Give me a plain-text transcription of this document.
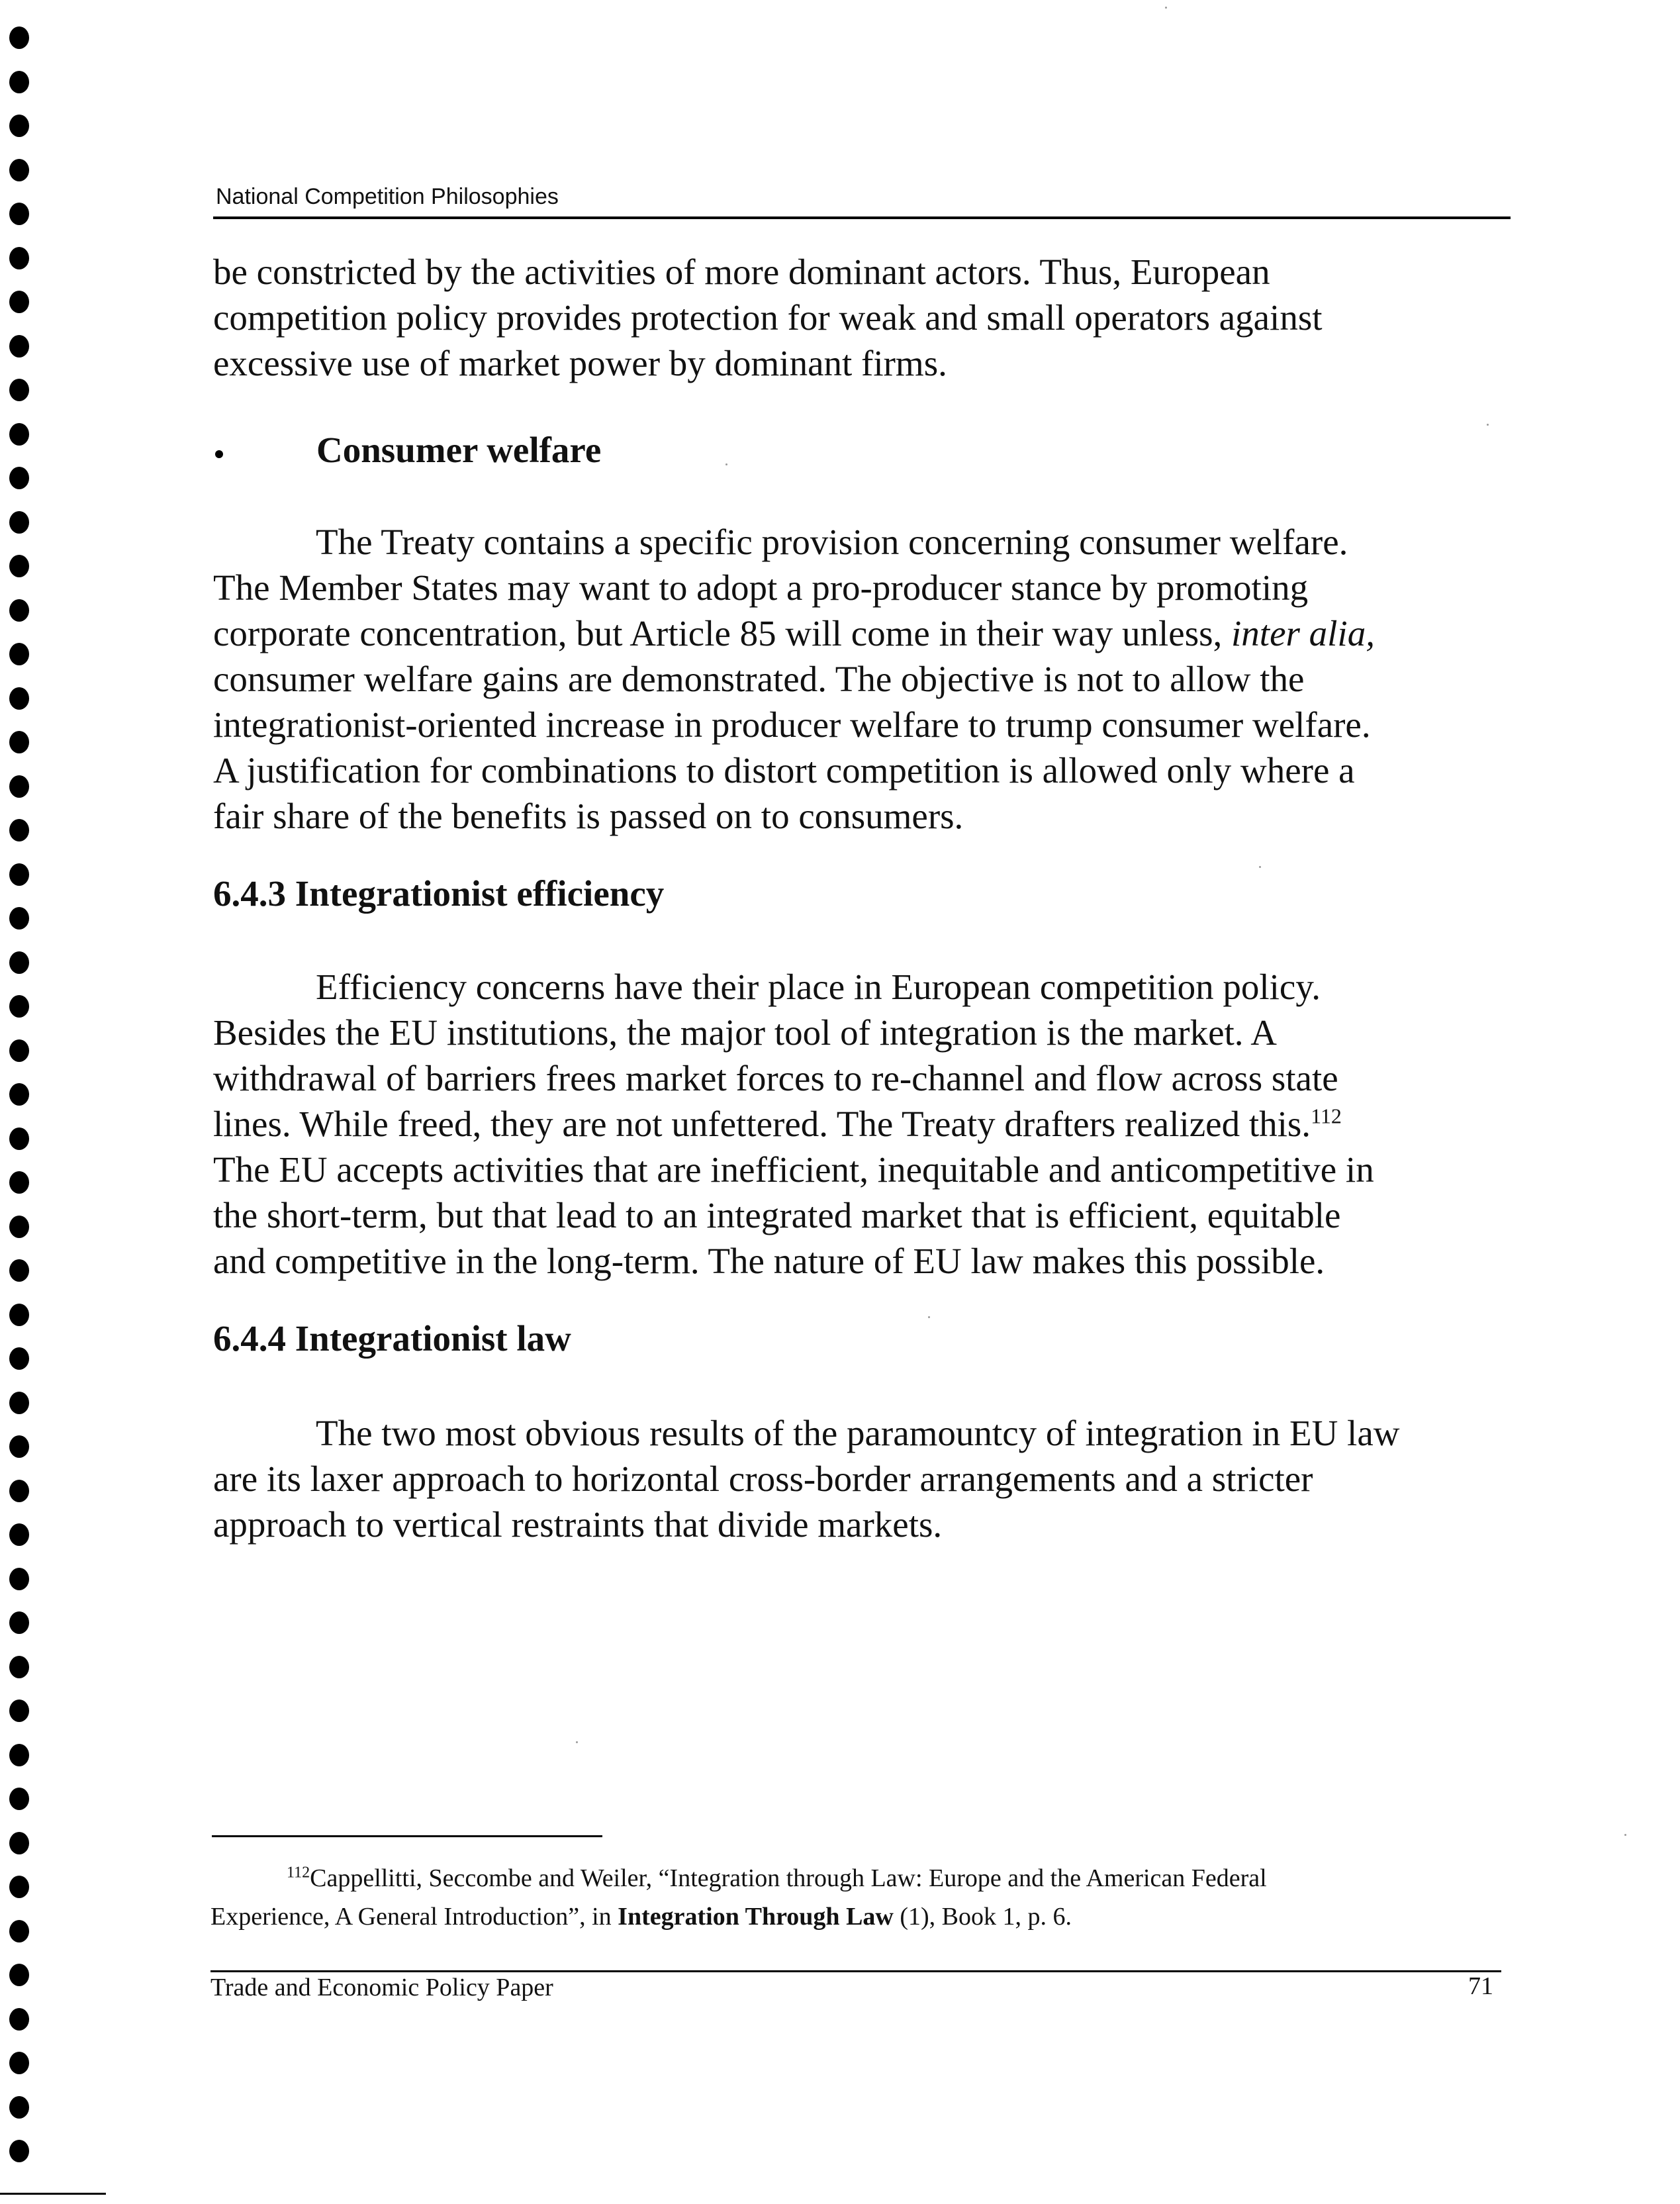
National Competition Philosophies
be constricted by the activities of more dominant actors. Thus, European
competition policy provides protection for weak and small operators against
excessive use of market power by dominant firms.
Consumer welfare
The Treaty contains a specific provision concerning consumer welfare.
The Member States may want to adopt a pro-producer stance by promoting
corporate concentration, but Article 85 will come in their way unless, inter alia,
consumer welfare gains are demonstrated. The objective is not to allow the
integrationist-oriented increase in producer welfare to trump consumer welfare.
A justification for combinations to distort competition is allowed only where a
fair share of the benefits is passed on to consumers.
6.4.3 Integrationist efficiency
Efficiency concerns have their place in European competition policy.
Besides the EU institutions, the major tool of integration is the market. A
withdrawal of barriers frees market forces to re-channel and flow across state
lines. While freed, they are not unfettered. The Treaty drafters realized this.$^{112}$
The EU accepts activities that are inefficient, inequitable and anticompetitive in
the short-term, but that lead to an integrated market that is efficient, equitable
and competitive in the long-term. The nature of EU law makes this possible.
6.4.4 Integrationist law
The two most obvious results of the paramountcy of integration in EU law
are its laxer approach to horizontal cross-border arrangements and a stricter
approach to vertical restraints that divide markets.
$^{112}$Cappellitti, Seccombe and Weiler, “Integration through Law: Europe and the American Federal
Experience, A General Introduction”, in Integration Through Law (1), Book 1, p. 6.
Trade and Economic Policy Paper	71
